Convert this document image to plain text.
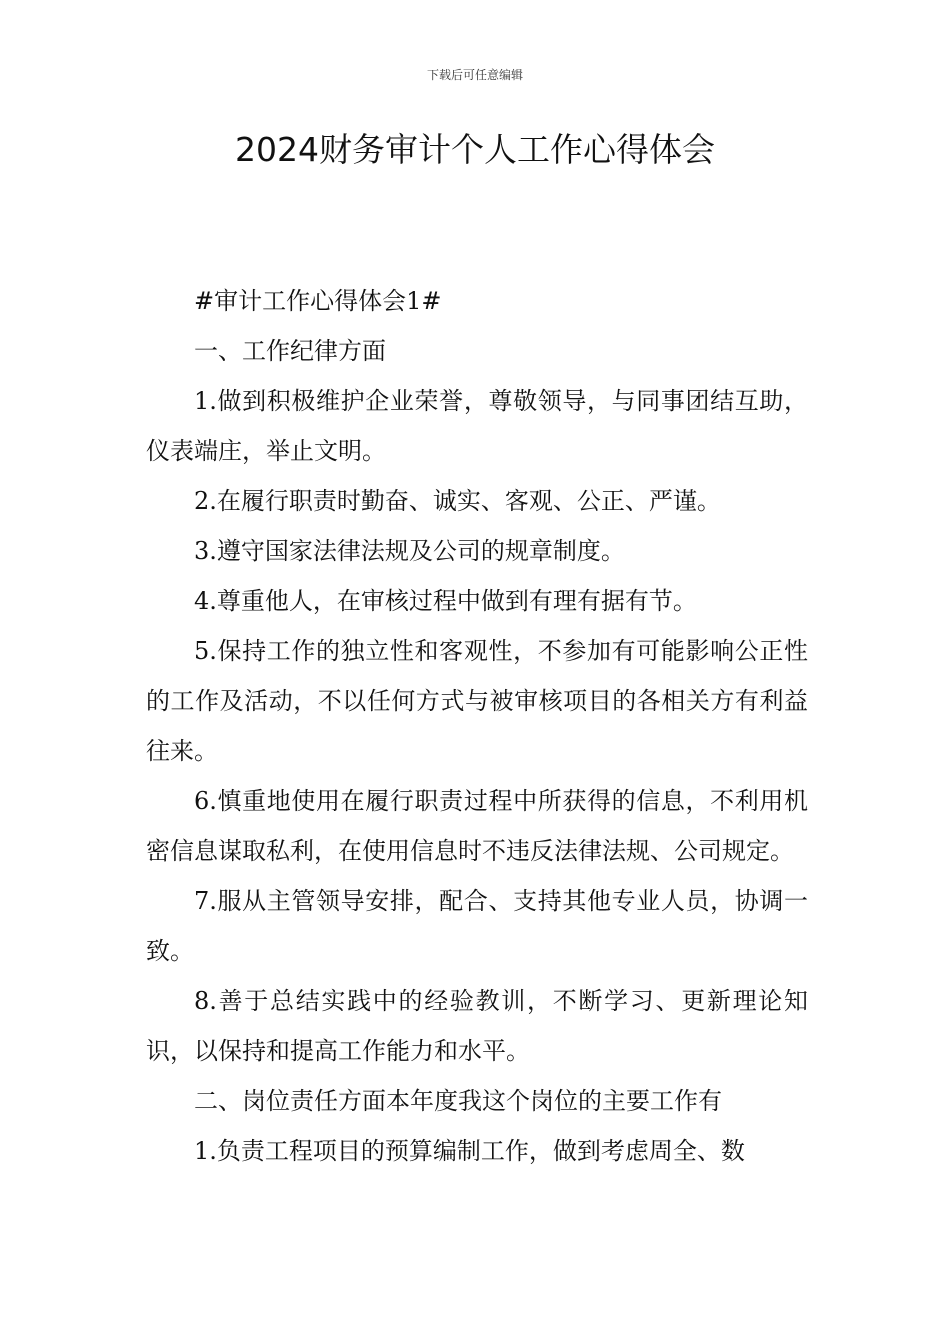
下载后可任意编辑
2024财务审计个人工作心得体会

#审计工作心得体会1#

一、工作纪律方面

1.做到积极维护企业荣誉，尊敬领导，与同事团结互助，仪表端庄，举止文明。

2.在履行职责时勤奋、诚实、客观、公正、严谨。

3.遵守国家法律法规及公司的规章制度。

4.尊重他人，在审核过程中做到有理有据有节。

5.保持工作的独立性和客观性，不参加有可能影响公正性的工作及活动，不以任何方式与被审核项目的各相关方有利益往来。

6.慎重地使用在履行职责过程中所获得的信息，不利用机密信息谋取私利，在使用信息时不违反法律法规、公司规定。

7.服从主管领导安排，配合、支持其他专业人员，协调一致。

8.善于总结实践中的经验教训，不断学习、更新理论知识，以保持和提高工作能力和水平。

二、岗位责任方面本年度我这个岗位的主要工作有

1.负责工程项目的预算编制工作，做到考虑周全、数
